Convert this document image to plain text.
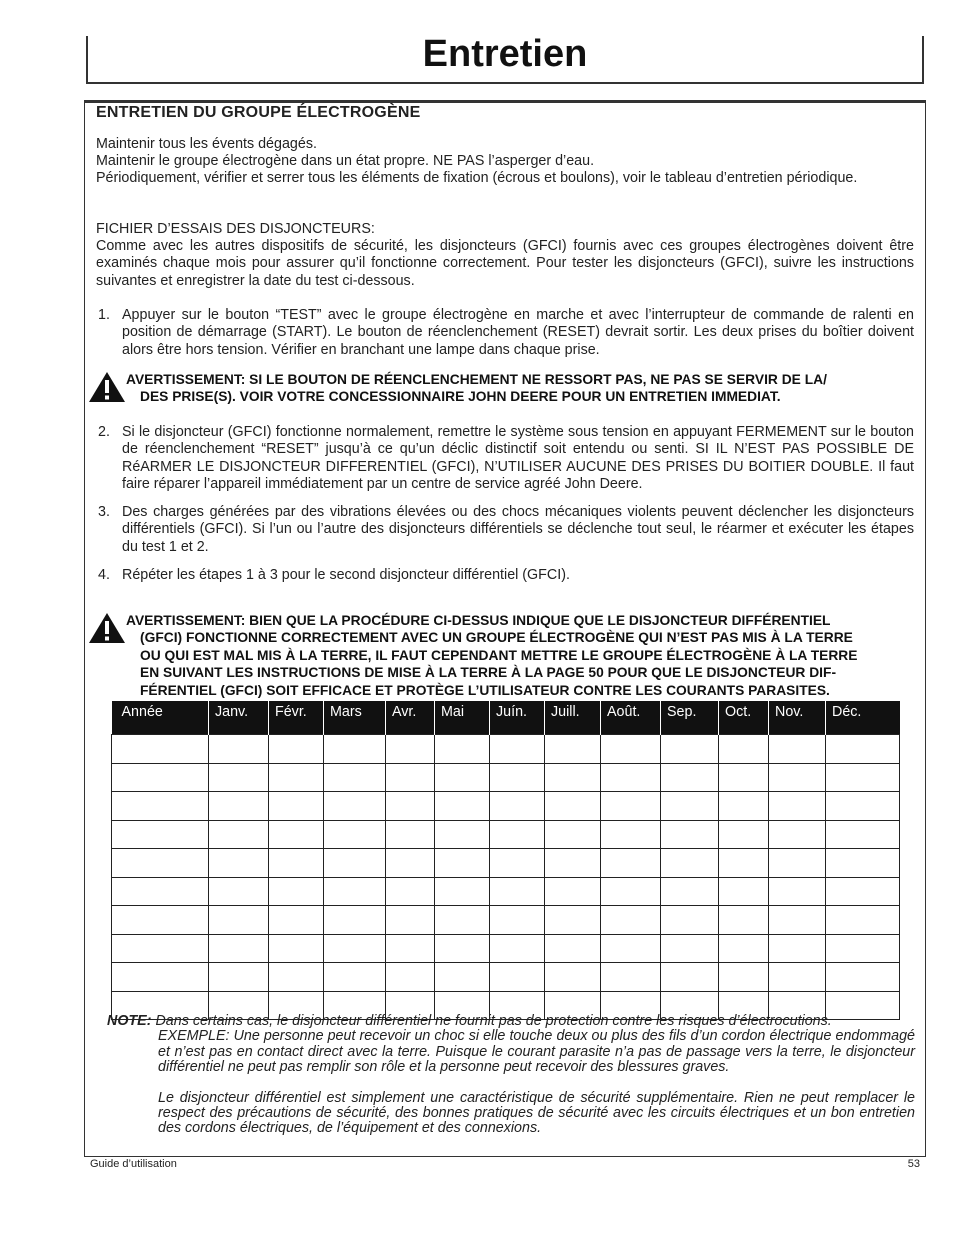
Entretien
ENTRETIEN DU GROUPE ÉLECTROGÈNE
Maintenir tous les évents dégagés.
Maintenir le groupe électrogène dans un état propre. NE PAS l’asperger d’eau.
Périodiquement, vérifier et serrer tous les éléments de fixation (écrous et boulons), voir le tableau d’entretien périodique.
FICHIER D’ESSAIS DES DISJONCTEURS:
Comme avec les autres dispositifs de sécurité, les disjoncteurs (GFCI) fournis avec ces groupes électrogènes doivent être examinés chaque mois pour assurer qu’il fonctionne correctement. Pour tester les disjoncteurs (GFCI), suivre les instructions suivantes et enregistrer la date du test ci-dessous.
1. Appuyer sur le bouton “TEST” avec le groupe électrogène en marche et avec l’interrupteur de commande de ralenti en position de démarrage (START). Le bouton de réenclenchement (RESET) devrait sortir. Les deux prises du boîtier doivent alors être hors tension. Vérifier en branchant une lampe dans chaque prise.
AVERTISSEMENT: SI LE BOUTON DE RÉENCLENCHEMENT NE RESSORT PAS, NE PAS SE SERVIR DE LA/
DES PRISE(S). VOIR VOTRE CONCESSIONNAIRE JOHN DEERE POUR UN ENTRETIEN IMMEDIAT.
2. Si le disjoncteur (GFCI) fonctionne normalement, remettre le système sous tension en appuyant FERMEMENT sur le bouton de réenclenchement “RESET” jusqu’à ce qu’un déclic distinctif soit entendu ou senti. SI IL N’EST PAS POSSIBLE DE RéARMER LE DISJONCTEUR DIFFERENTIEL (GFCI), N’UTILISER AUCUNE DES PRISES DU BOITIER DOUBLE. Il faut faire réparer l’appareil immédiatement par un centre de service agréé John Deere.
3. Des charges générées par des vibrations élevées ou des chocs mécaniques violents peuvent déclencher les disjoncteurs différentiels (GFCI). Si l’un ou l’autre des disjoncteurs différentiels se déclenche tout seul, le réarmer et exécuter les étapes du test 1 et 2.
4. Répéter les étapes 1 à 3 pour le second disjoncteur différentiel (GFCI).
AVERTISSEMENT: BIEN QUE LA PROCÉDURE CI-DESSUS INDIQUE QUE LE DISJONCTEUR DIFFÉRENTIEL
(GFCI) FONCTIONNE CORRECTEMENT AVEC UN GROUPE ÉLECTROGÈNE QUI N’EST PAS MIS À LA TERRE
OU QUI EST MAL MIS À LA TERRE, IL FAUT CEPENDANT METTRE LE GROUPE ÉLECTROGÈNE À LA TERRE
EN SUIVANT LES INSTRUCTIONS DE MISE À LA TERRE À LA PAGE 50 POUR QUE LE DISJONCTEUR DIF-
FÉRENTIEL (GFCI) SOIT EFFICACE ET PROTÈGE L’UTILISATEUR CONTRE LES COURANTS PARASITES.
Année	Janv.	Févr.	Mars	Avr.	Mai	Juín.	Juill.	Août.	Sep.	Oct.	Nov.	Déc.

NOTE: Dans certains cas, le disjoncteur différentiel ne fournit pas de protection contre les risques d’électrocutions.
EXEMPLE: Une personne peut recevoir un choc si elle touche deux ou plus des fils d’un cordon électrique endommagé et n’est pas en contact direct avec la terre. Puisque le courant parasite n’a pas de passage vers la terre, le disjoncteur différentiel ne peut pas remplir son rôle et la personne peut recevoir des blessures graves.
Le disjoncteur différentiel est simplement une caractéristique de sécurité supplémentaire. Rien ne peut remplacer le respect des précautions de sécurité, des bonnes pratiques de sécurité avec les circuits électriques et un bon entretien des cordons électriques, de l’équipement et des connexions.
Guide d’utilisation	53
